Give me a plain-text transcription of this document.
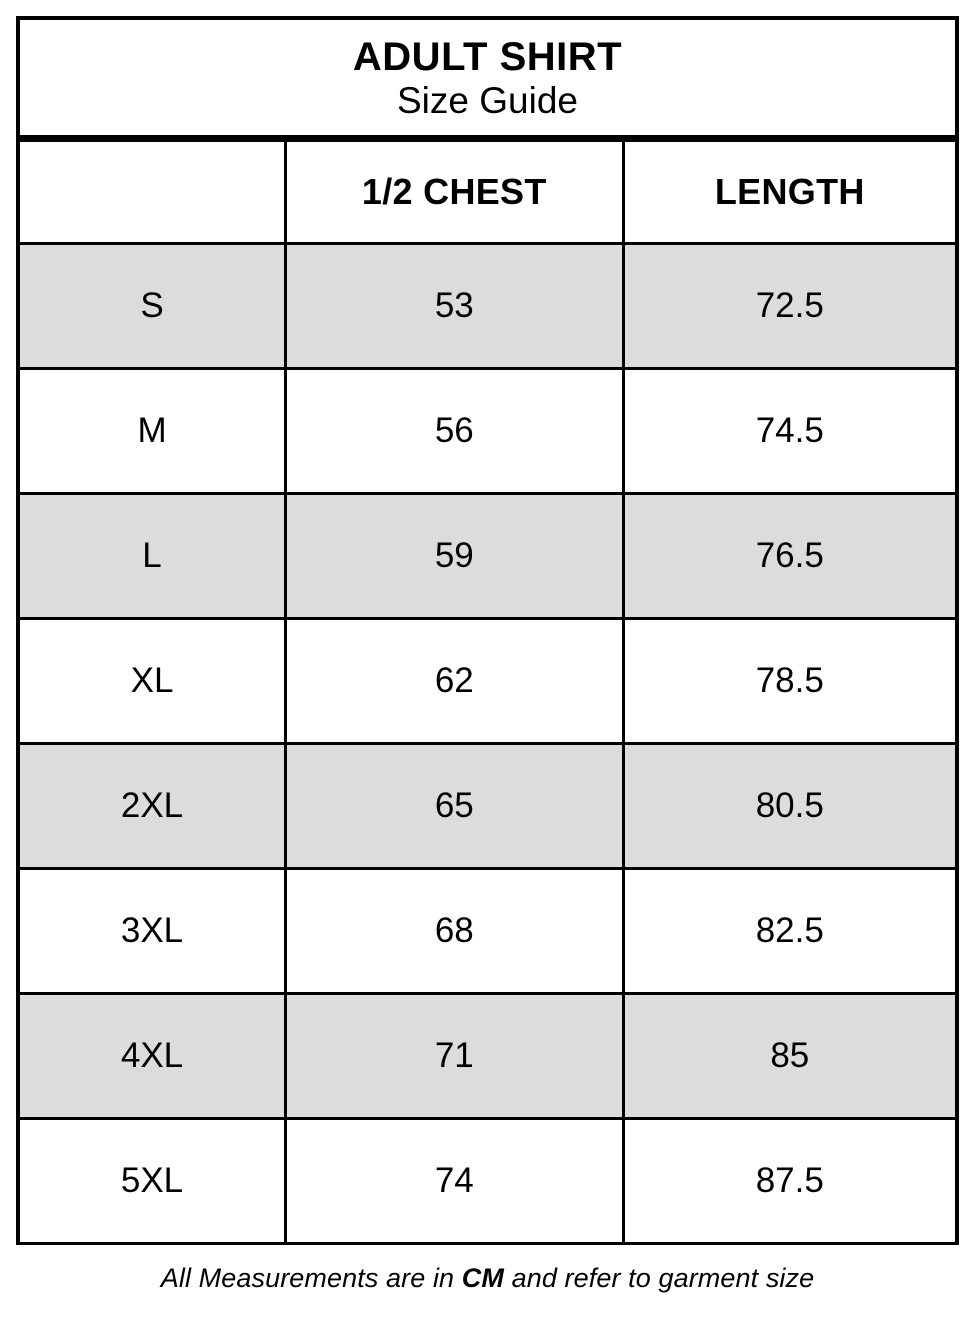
ADULT SHIRT
Size Guide
	1/2 CHEST	LENGTH
S	53	72.5
M	56	74.5
L	59	76.5
XL	62	78.5
2XL	65	80.5
3XL	68	82.5
4XL	71	85
5XL	74	87.5
All Measurements are in CM and refer to garment size
